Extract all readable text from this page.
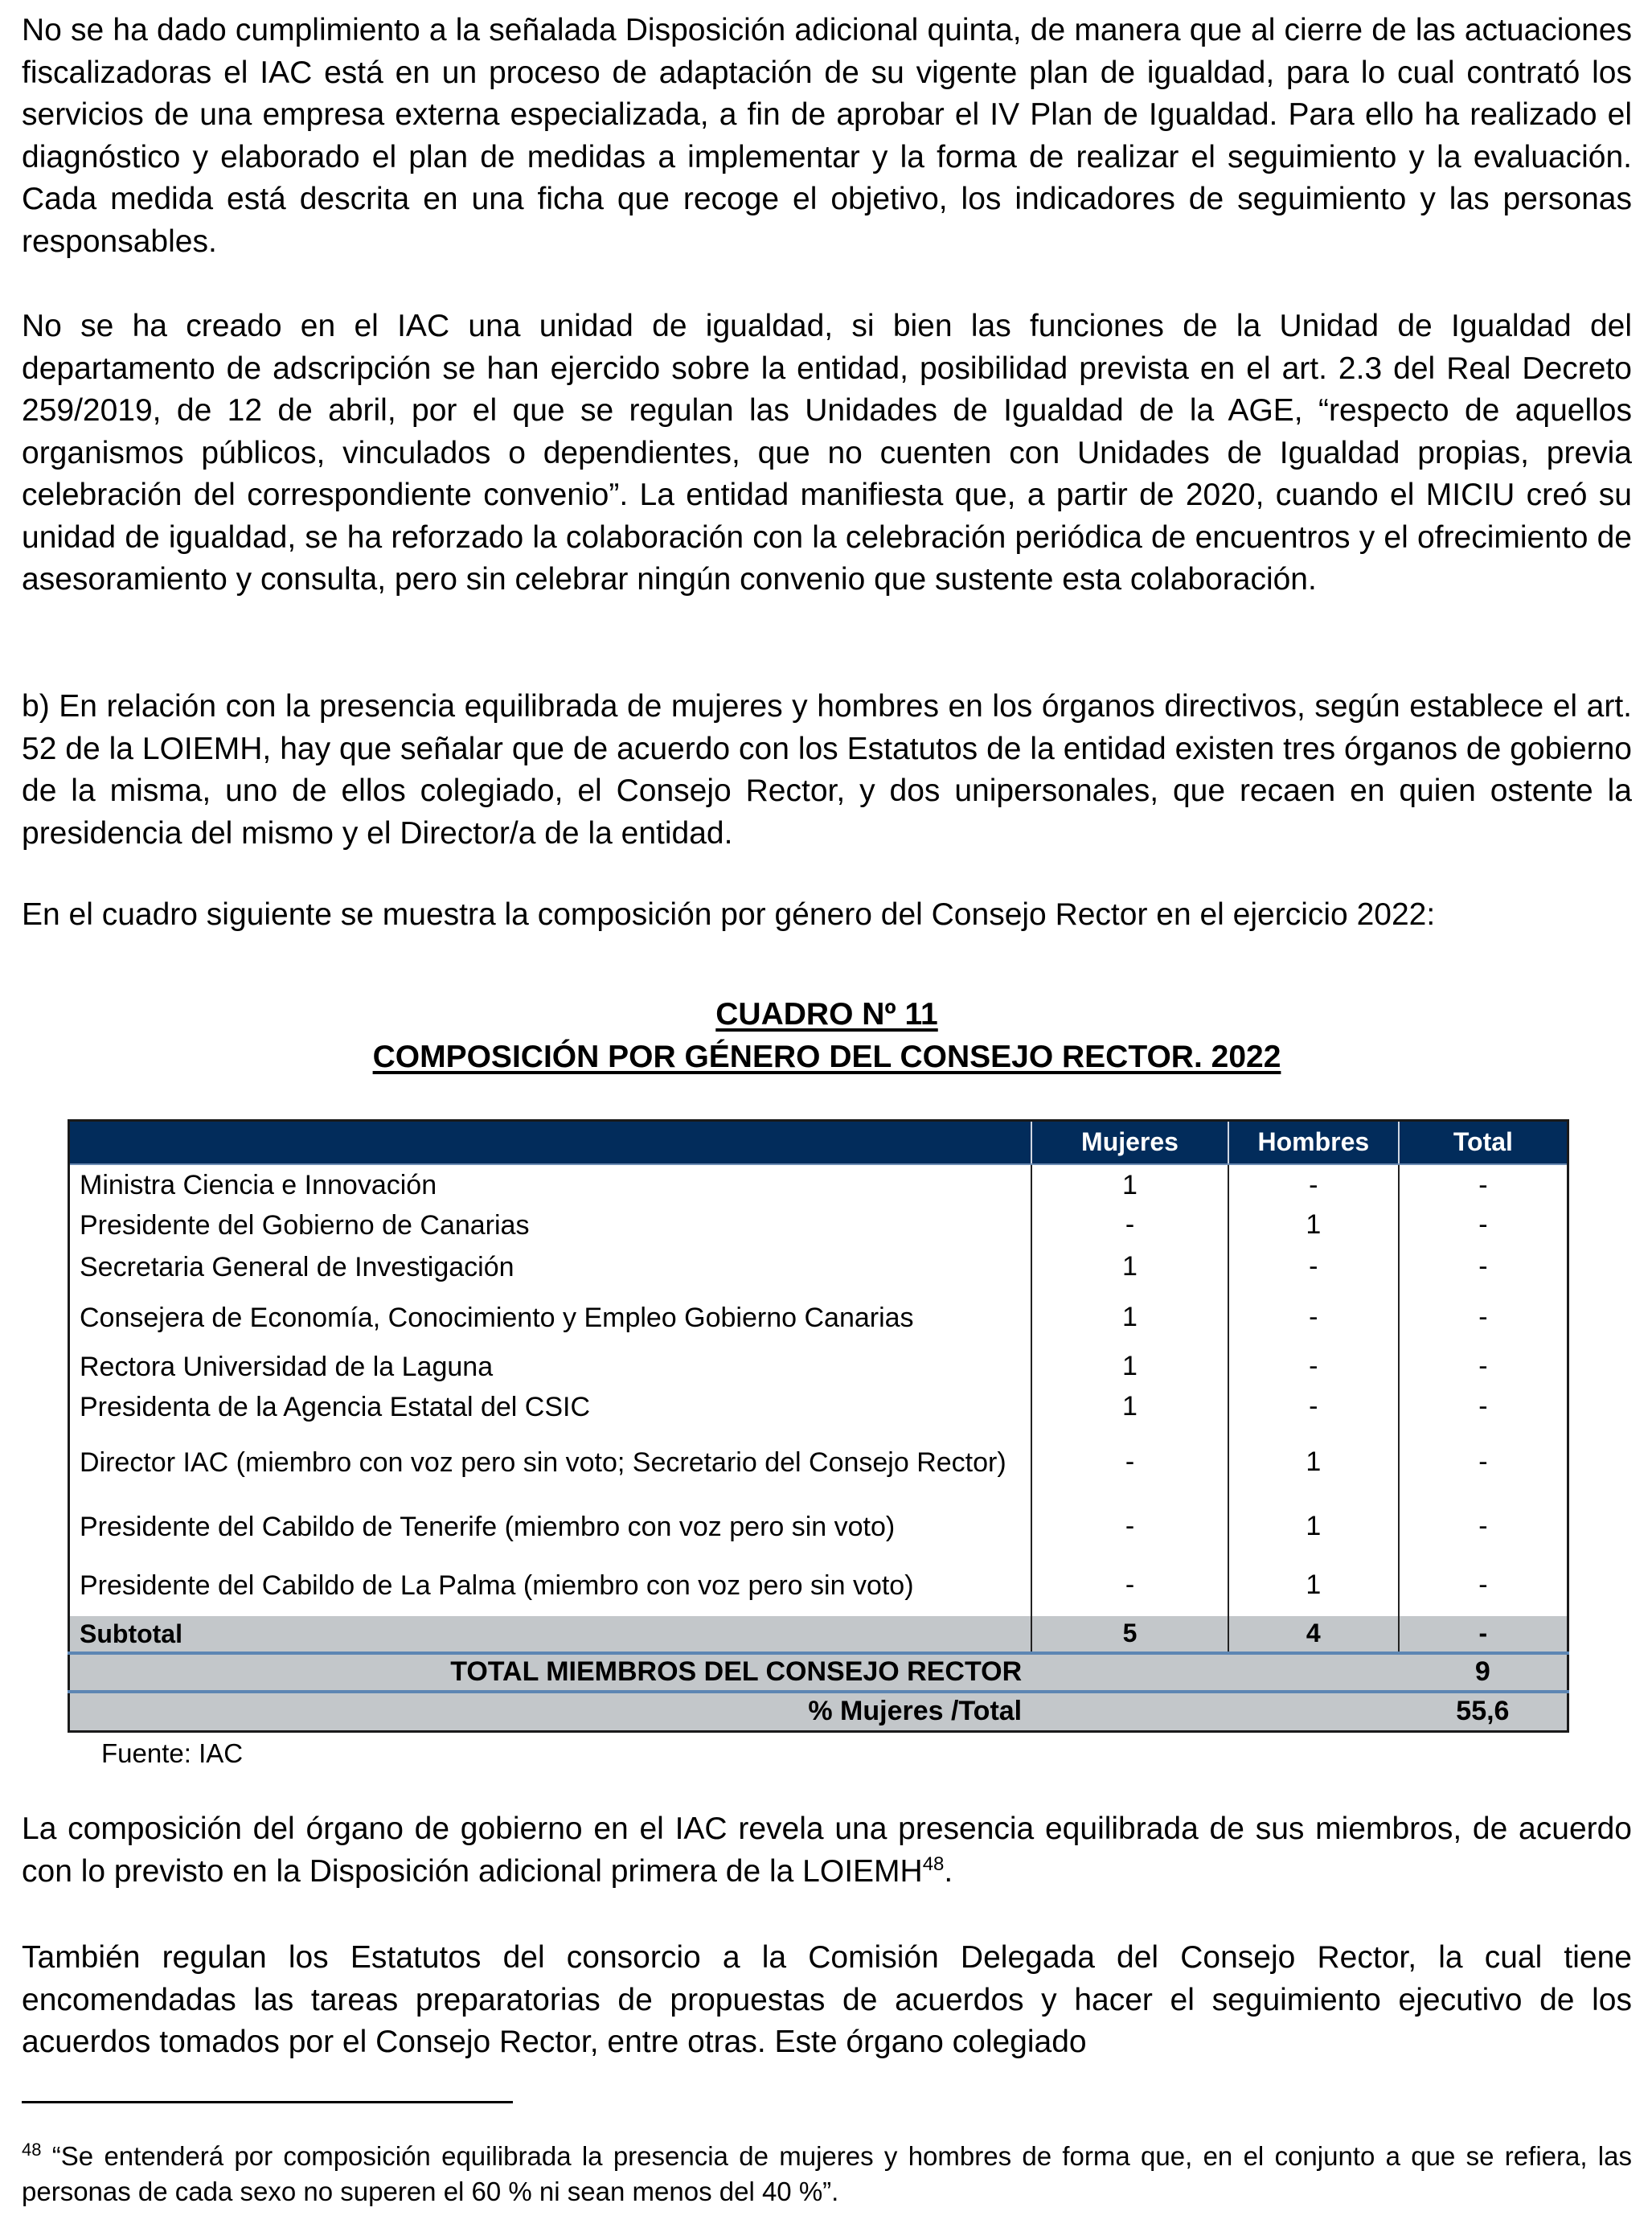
No se ha dado cumplimiento a la señalada Disposición adicional quinta, de manera que al cierre de las actuaciones fiscalizadoras el IAC está en un proceso de adaptación de su vigente plan de igualdad, para lo cual contrató los servicios de una empresa externa especializada, a fin de aprobar el IV Plan de Igualdad. Para ello ha realizado el diagnóstico y elaborado el plan de medidas a implementar y la forma de realizar el seguimiento y la evaluación. Cada medida está descrita en una ficha que recoge el objetivo, los indicadores de seguimiento y las personas responsables.

No se ha creado en el IAC una unidad de igualdad, si bien las funciones de la Unidad de Igualdad del departamento de adscripción se han ejercido sobre la entidad, posibilidad prevista en el art. 2.3 del Real Decreto 259/2019, de 12 de abril, por el que se regulan las Unidades de Igualdad de la AGE, “respecto de aquellos organismos públicos, vinculados o dependientes, que no cuenten con Unidades de Igualdad propias, previa celebración del correspondiente convenio”. La entidad manifiesta que, a partir de 2020, cuando el MICIU creó su unidad de igualdad, se ha reforzado la colaboración con la celebración periódica de encuentros y el ofrecimiento de asesoramiento y consulta, pero sin celebrar ningún convenio que sustente esta colaboración.

b) En relación con la presencia equilibrada de mujeres y hombres en los órganos directivos, según establece el art. 52 de la LOIEMH, hay que señalar que de acuerdo con los Estatutos de la entidad existen tres órganos de gobierno de la misma, uno de ellos colegiado, el Consejo Rector, y dos unipersonales, que recaen en quien ostente la presidencia del mismo y el Director/a de la entidad.

En el cuadro siguiente se muestra la composición por género del Consejo Rector en el ejercicio 2022:

CUADRO Nº 11
COMPOSICIÓN POR GÉNERO DEL CONSEJO RECTOR. 2022
Fuente: IAC

La composición del órgano de gobierno en el IAC revela una presencia equilibrada de sus miembros, de acuerdo con lo previsto en la Disposición adicional primera de la LOIEMH$^{48}$.

También regulan los Estatutos del consorcio a la Comisión Delegada del Consejo Rector, la cual tiene encomendadas las tareas preparatorias de propuestas de acuerdos y hacer el seguimiento ejecutivo de los acuerdos tomados por el Consejo Rector, entre otras. Este órgano colegiado

	Mujeres	Hombres	Total
Ministra Ciencia e Innovación	1	-	-
Presidente del Gobierno de Canarias	-	1	-
Secretaria General de Investigación	1	-	-
Consejera de Economía, Conocimiento y Empleo Gobierno Canarias	1	-	-
Rectora Universidad de la Laguna	1	-	-
Presidenta de la Agencia Estatal del CSIC	1	-	-
Director IAC (miembro con voz pero sin voto; Secretario del Consejo Rector)	-	1	-
Presidente del Cabildo de Tenerife (miembro con voz pero sin voto)	-	1	-
Presidente del Cabildo de La Palma (miembro con voz pero sin voto)	-	1	-
Subtotal	5	4	-
TOTAL MIEMBROS DEL CONSEJO RECTOR			9
% Mujeres /Total			55,6

$^{48}$ “Se entenderá por composición equilibrada la presencia de mujeres y hombres de forma que, en el conjunto a que se refiera, las personas de cada sexo no superen el 60 % ni sean menos del 40 %”.
